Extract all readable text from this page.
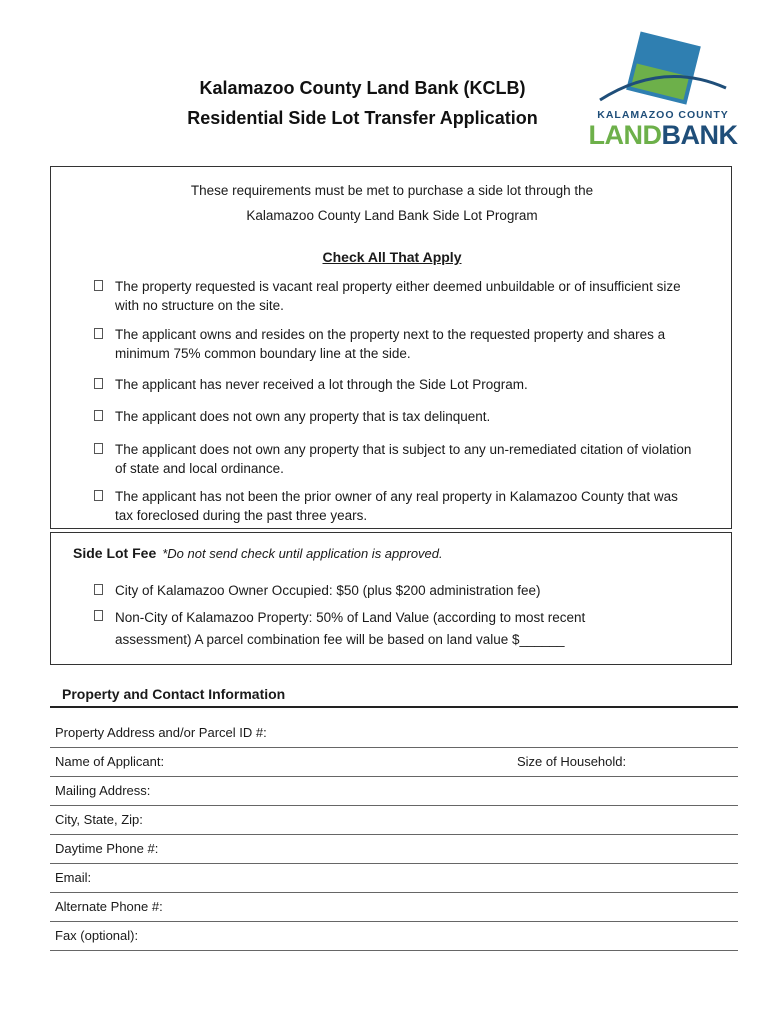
Kalamazoo County Land Bank (KCLB)
Residential Side Lot Transfer Application	KALAMAZOO COUNTY
LANDBANK
These requirements must be met to purchase a side lot through the
Kalamazoo County Land Bank Side Lot Program
Check All That Apply
The property requested is vacant real property either deemed unbuildable or of insufficient size with no structure on the site.
The applicant owns and resides on the property next to the requested property and shares a minimum 75% common boundary line at the side.
The applicant has never received a lot through the Side Lot Program.
The applicant does not own any property that is tax delinquent.
The applicant does not own any property that is subject to any un-remediated citation of violation of state and local ordinance.
The applicant has not been the prior owner of any real property in Kalamazoo County that was tax foreclosed during the past three years.
Side Lot Fee *Do not send check until application is approved.
City of Kalamazoo Owner Occupied: $50 (plus $200 administration fee)
Non-City of Kalamazoo Property: 50% of Land Value (according to most recent assessment) A parcel combination fee will be based on land value $______
Property and Contact Information
Property Address and/or Parcel ID #:
Name of Applicant:	Size of Household:
Mailing Address:
City, State, Zip:
Daytime Phone #:
Email:
Alternate Phone #:
Fax (optional):
